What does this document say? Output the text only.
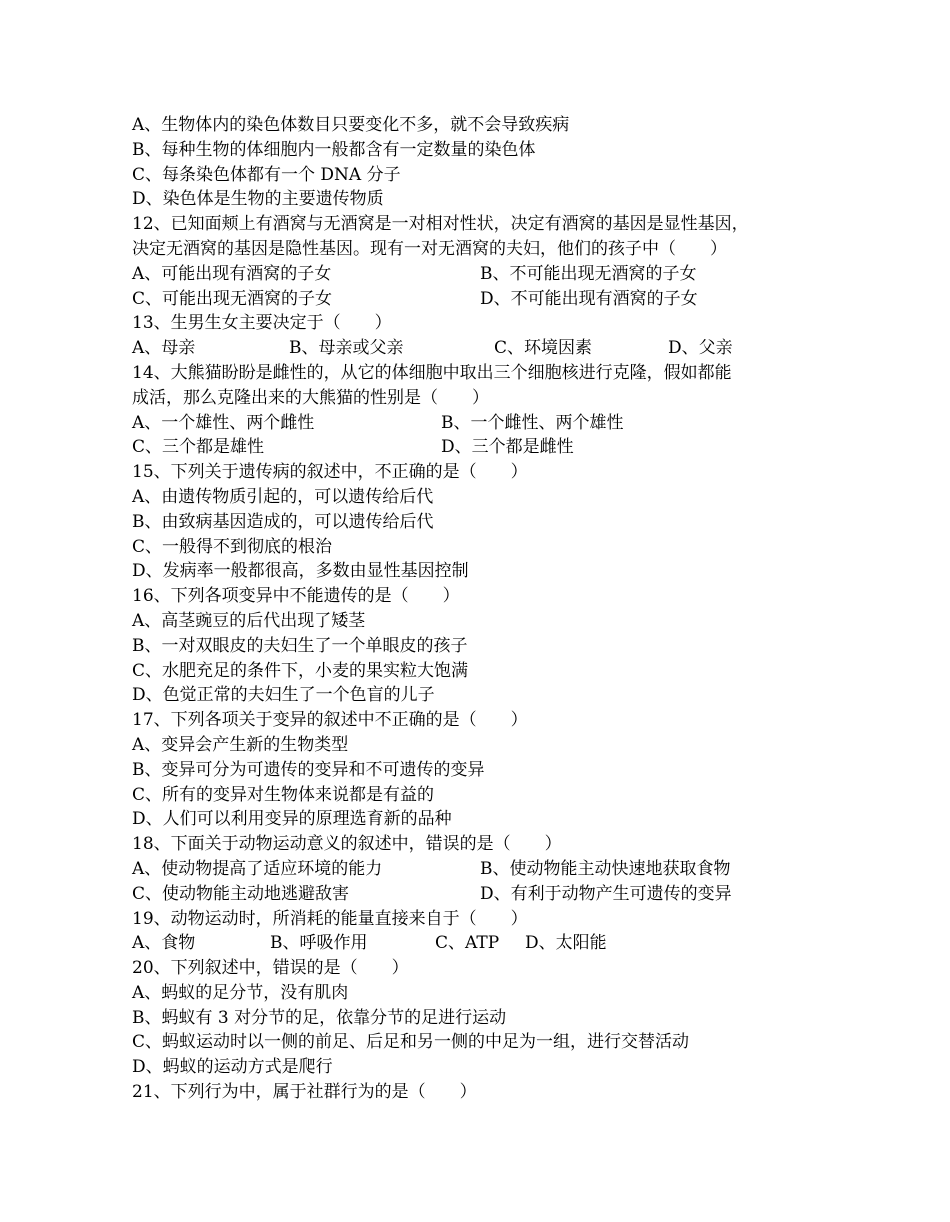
A、生物体内的染色体数目只要变化不多，就不会导致疾病
B、每种生物的体细胞内一般都含有一定数量的染色体
C、每条染色体都有一个 DNA 分子
D、染色体是生物的主要遗传物质
12、已知面颊上有酒窝与无酒窝是一对相对性状，决定有酒窝的基因是显性基因，
决定无酒窝的基因是隐性基因。现有一对无酒窝的夫妇，他们的孩子中（　　）
A、可能出现有酒窝的子女	B、不可能出现无酒窝的子女
C、可能出现无酒窝的子女	D、不可能出现有酒窝的子女
13、生男生女主要决定于（　　）
A、母亲	B、母亲或父亲	C、环境因素	D、父亲
14、大熊猫盼盼是雌性的，从它的体细胞中取出三个细胞核进行克隆，假如都能
成活，那么克隆出来的大熊猫的性别是（　　）
A、一个雄性、两个雌性	B、一个雌性、两个雄性
C、三个都是雄性	D、三个都是雌性
15、下列关于遗传病的叙述中，不正确的是（　　）
A、由遗传物质引起的，可以遗传给后代
B、由致病基因造成的，可以遗传给后代
C、一般得不到彻底的根治
D、发病率一般都很高，多数由显性基因控制
16、下列各项变异中不能遗传的是（　　）
A、高茎豌豆的后代出现了矮茎
B、一对双眼皮的夫妇生了一个单眼皮的孩子
C、水肥充足的条件下，小麦的果实粒大饱满
D、色觉正常的夫妇生了一个色盲的儿子
17、下列各项关于变异的叙述中不正确的是（　　）
A、变异会产生新的生物类型
B、变异可分为可遗传的变异和不可遗传的变异
C、所有的变异对生物体来说都是有益的
D、人们可以利用变异的原理选育新的品种
18、下面关于动物运动意义的叙述中，错误的是（　　）
A、使动物提高了适应环境的能力	B、使动物能主动快速地获取食物
C、使动物能主动地逃避敌害	D、有利于动物产生可遗传的变异
19、动物运动时，所消耗的能量直接来自于（　　）
A、食物	B、呼吸作用	C、ATP D、太阳能
20、下列叙述中，错误的是（　　）
A、蚂蚁的足分节，没有肌肉
B、蚂蚁有 3 对分节的足，依靠分节的足进行运动
C、蚂蚁运动时以一侧的前足、后足和另一侧的中足为一组，进行交替活动
D、蚂蚁的运动方式是爬行
21、下列行为中，属于社群行为的是（　　）
